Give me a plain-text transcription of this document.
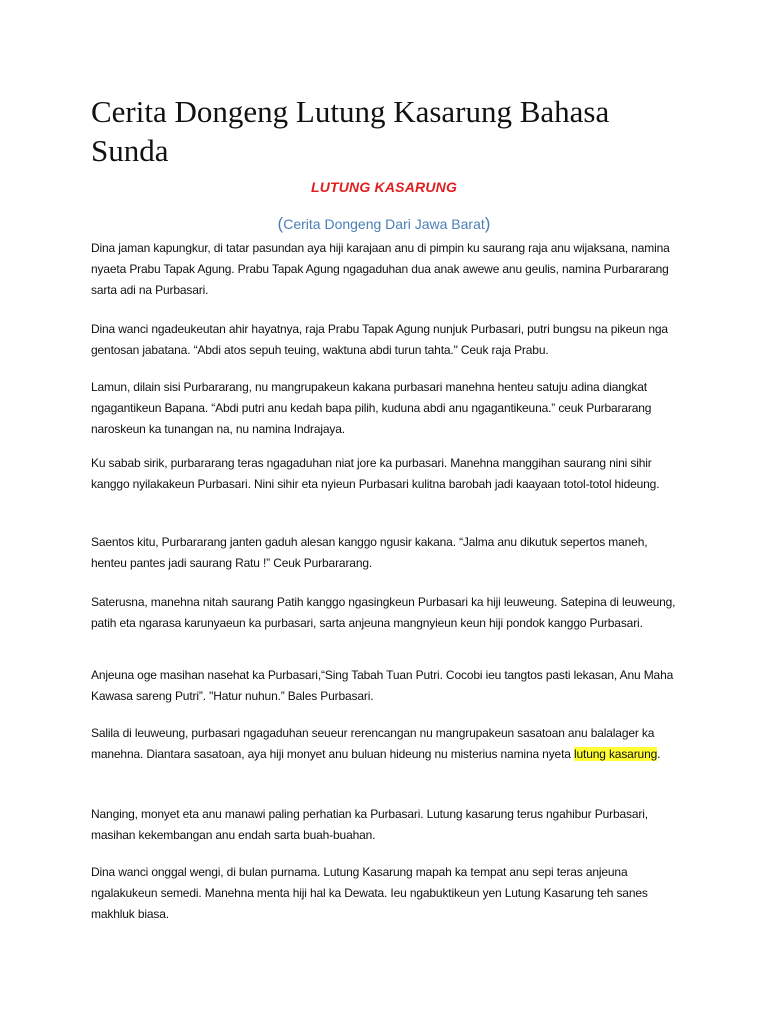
Cerita Dongeng Lutung Kasarung Bahasa Sunda
LUTUNG KASARUNG
(Cerita Dongeng Dari Jawa Barat)

Dina jaman kapungkur, di tatar pasundan aya hiji karajaan anu di pimpin ku saurang raja anu wijaksana, namina nyaeta Prabu Tapak Agung. Prabu Tapak Agung ngagaduhan dua anak awewe anu geulis, namina Purbararang sarta adi na Purbasari.

Dina wanci ngadeukeutan ahir hayatnya, raja Prabu Tapak Agung nunjuk Purbasari, putri bungsu na pikeun nga gentosan jabatana. “Abdi atos sepuh teuing, waktuna abdi turun tahta." Ceuk raja Prabu.

Lamun, dilain sisi Purbararang, nu mangrupakeun kakana purbasari manehna henteu satuju adina diangkat ngagantikeun Bapana. “Abdi putri anu kedah bapa pilih, kuduna abdi anu ngagantikeuna.” ceuk Purbararang naroskeun ka tunangan na, nu namina Indrajaya.

Ku sabab sirik, purbararang teras ngagaduhan niat jore ka purbasari. Manehna manggihan saurang nini sihir kanggo nyilakakeun Purbasari. Nini sihir eta nyieun Purbasari kulitna barobah jadi kaayaan totol-totol hideung.

Saentos kitu, Purbararang janten gaduh alesan kanggo ngusir kakana. “Jalma anu dikutuk sepertos maneh, henteu pantes jadi saurang Ratu !” Ceuk Purbararang.

Saterusna, manehna nitah saurang Patih kanggo ngasingkeun Purbasari ka hiji leuweung. Satepina di leuweung, patih eta ngarasa karunyaeun ka purbasari, sarta anjeuna mangnyieun keun hiji pondok kanggo Purbasari.

Anjeuna oge masihan nasehat ka Purbasari,“Sing Tabah Tuan Putri. Cocobi ieu tangtos pasti lekasan, Anu Maha Kawasa sareng Putri”. "Hatur nuhun.” Bales Purbasari.

Salila di leuweung, purbasari ngagaduhan seueur rerencangan nu mangrupakeun sasatoan anu balalager ka manehna. Diantara sasatoan, aya hiji monyet anu buluan hideung nu misterius namina nyeta lutung kasarung.

Nanging, monyet eta anu manawi paling perhatian ka Purbasari. Lutung kasarung terus ngahibur Purbasari, masihan kekembangan anu endah sarta buah-buahan.

Dina wanci onggal wengi, di bulan purnama. Lutung Kasarung mapah ka tempat anu sepi teras anjeuna ngalakukeun semedi. Manehna menta hiji hal ka Dewata. Ieu ngabuktikeun yen Lutung Kasarung teh sanes makhluk biasa.
